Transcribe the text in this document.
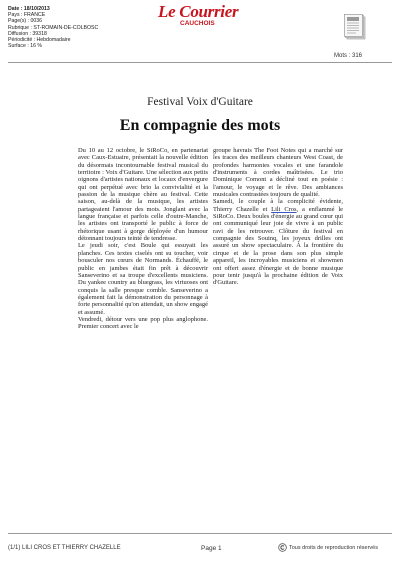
Date : 18/10/2013
Pays : FRANCE
Page(s) : 0036
Rubrique : ST-ROMAIN-DE-COLBOSC
Diffusion : 39318
Périodicité : Hebdomadaire
Surface : 16 %
Le Courrier
CAUCHOIS
Mots : 316
Festival Voix d'Guitare
En compagnie des mots

Du 10 au 12 octobre, le SiRoCo, en partenariat avec Caux-Estuaire, présentait la nouvelle édition du désormais incontournable festival musical du territoire : Voix d'Guitare. Une sélection aux petits oignons d'artistes nationaux et locaux d'envergure qui ont perpétué avec brio la convivialité et la passion de la musique chère au festival. Cette saison, au-delà de la musique, les artistes partageaient l'amour des mots. Jonglant avec la langue française et parfois celle d'outre-Manche, les artistes ont transporté le public à force de rhétorique usant à gorge déployée d'un humour détonnant toujours teinté de tendresse.

Le jeudi soir, c'est Boule qui essuyait les planches. Ces textes ciselés ont su toucher, voir bousculer nos cœurs de Normands. Échauffé, le public en jambes était fin prêt à découvrir Sanseverino et sa troupe d'excellents musiciens. Du yankee country au bluegrass, les virtuoses ont conquis la salle presque comble. Sanseverino a également fait la démonstration du personnage à forte personnalité qu'on attendait, un show engagé et assumé.

Vendredi, détour vers une pop plus anglophone. Premier concert avec le

groupe havrais The Foot Notes qui a marché sur les traces des meilleurs chanteurs West Coast, de profondes harmonies vocales et une farandole d'instruments à cordes maîtrisées. Le trio Dominique Comont a décliné tout en poésie : l'amour, le voyage et le rêve. Des ambiances musicales contrastées toujours de qualité.

Samedi, le couple à la complicité évidente, Thierry Chazelle et Lili Cros, a enflammé le SiRoCo. Deux boules d'énergie au grand cœur qui ont communiqué leur joie de vivre à un public ravi de les retrouver. Clôture du festival en compagnie des Souinq, les joyeux drilles ont assuré un show spectaculaire. À la frontière du cirque et de la prose dans son plus simple appareil, les incroyables musiciens et showmen ont offert assez d'énergie et de bonne musique pour tenir jusqu'à la prochaine édition de Voix d'Guitare.

(1/1) LILI CROS ET THIERRY CHAZELLE	Page 1	Tous droits de reproduction réservés
